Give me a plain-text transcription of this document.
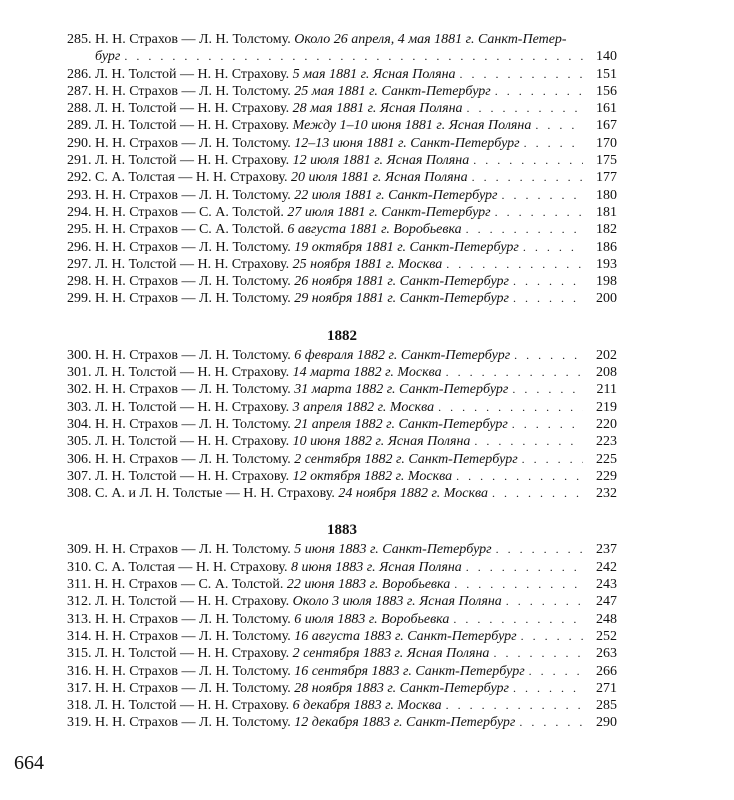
285. Н. Н. Страхов — Л. Н. Толстому. Около 26 апреля, 4 мая 1881 г. Санкт-Петер-
бург . . .	140
286. Л. Н. Толстой — Н. Н. Страхову. 5 мая 1881 г. Ясная Поляна . . .	151
287. Н. Н. Страхов — Л. Н. Толстому. 25 мая 1881 г. Санкт-Петербург . . .	156
288. Л. Н. Толстой — Н. Н. Страхову. 28 мая 1881 г. Ясная Поляна . . .	161
289. Л. Н. Толстой — Н. Н. Страхову. Между 1–10 июня 1881 г. Ясная Поляна . . .	167
290. Н. Н. Страхов — Л. Н. Толстому. 12–13 июня 1881 г. Санкт-Петербург . . .	170
291. Л. Н. Толстой — Н. Н. Страхову. 12 июля 1881 г. Ясная Поляна . . .	175
292. С. А. Толстая — Н. Н. Страхову. 20 июля 1881 г. Ясная Поляна . . .	177
293. Н. Н. Страхов — Л. Н. Толстому. 22 июля 1881 г. Санкт-Петербург . . .	180
294. Н. Н. Страхов — С. А. Толстой. 27 июля 1881 г. Санкт-Петербург . . .	181
295. Н. Н. Страхов — С. А. Толстой. 6 августа 1881 г. Воробьевка . . .	182
296. Н. Н. Страхов — Л. Н. Толстому. 19 октября 1881 г. Санкт-Петербург . . .	186
297. Л. Н. Толстой — Н. Н. Страхову. 25 ноября 1881 г. Москва . . .	193
298. Н. Н. Страхов — Л. Н. Толстому. 26 ноября 1881 г. Санкт-Петербург . . .	198
299. Н. Н. Страхов — Л. Н. Толстому. 29 ноября 1881 г. Санкт-Петербург . . .	200
1882
300. Н. Н. Страхов — Л. Н. Толстому. 6 февраля 1882 г. Санкт-Петербург . . .	202
301. Л. Н. Толстой — Н. Н. Страхову. 14 марта 1882 г. Москва . . .	208
302. Н. Н. Страхов — Л. Н. Толстому. 31 марта 1882 г. Санкт-Петербург . . .	211
303. Л. Н. Толстой — Н. Н. Страхову. 3 апреля 1882 г. Москва . . .	219
304. Н. Н. Страхов — Л. Н. Толстому. 21 апреля 1882 г. Санкт-Петербург . . .	220
305. Л. Н. Толстой — Н. Н. Страхову. 10 июня 1882 г. Ясная Поляна . . .	223
306. Н. Н. Страхов — Л. Н. Толстому. 2 сентября 1882 г. Санкт-Петербург . . .	225
307. Л. Н. Толстой — Н. Н. Страхову. 12 октября 1882 г. Москва . . .	229
308. С. А. и Л. Н. Толстые — Н. Н. Страхову. 24 ноября 1882 г. Москва . . .	232
1883
309. Н. Н. Страхов — Л. Н. Толстому. 5 июня 1883 г. Санкт-Петербург . . .	237
310. С. А. Толстая — Н. Н. Страхову. 8 июня 1883 г. Ясная Поляна . . .	242
311. Н. Н. Страхов — С. А. Толстой. 22 июня 1883 г. Воробьевка . . .	243
312. Л. Н. Толстой — Н. Н. Страхову. Около 3 июля 1883 г. Ясная Поляна . . .	247
313. Н. Н. Страхов — Л. Н. Толстому. 6 июля 1883 г. Воробьевка . . .	248
314. Н. Н. Страхов — Л. Н. Толстому. 16 августа 1883 г. Санкт-Петербург . . .	252
315. Л. Н. Толстой — Н. Н. Страхову. 2 сентября 1883 г. Ясная Поляна . . .	263
316. Н. Н. Страхов — Л. Н. Толстому. 16 сентября 1883 г. Санкт-Петербург . . .	266
317. Н. Н. Страхов — Л. Н. Толстому. 28 ноября 1883 г. Санкт-Петербург . . .	271
318. Л. Н. Толстой — Н. Н. Страхову. 6 декабря 1883 г. Москва . . .	285
319. Н. Н. Страхов — Л. Н. Толстому. 12 декабря 1883 г. Санкт-Петербург . . .	290
664
